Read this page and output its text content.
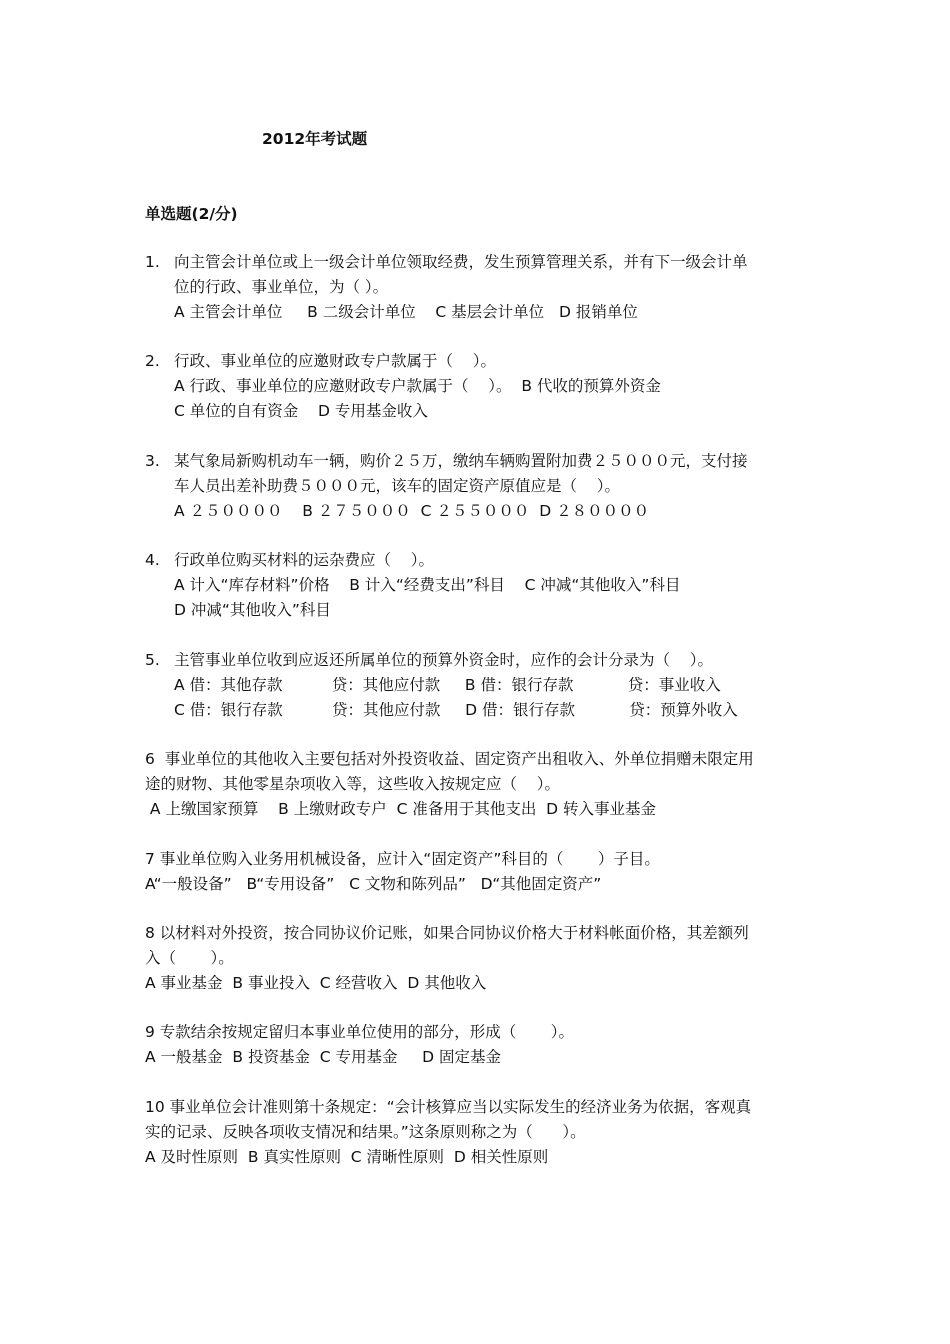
2012年考试题
单选题(2/分)
1. 向主管会计单位或上一级会计单位领取经费，发生预算管理关系，并有下一级会计单
位的行政、事业单位，为（ ）。
A 主管会计单位     B 二级会计单位    C 基层会计单位   D 报销单位
2. 行政、事业单位的应邀财政专户款属于（    ）。
A 行政、事业单位的应邀财政专户款属于（    ）。  B 代收的预算外资金
C 单位的自有资金    D 专用基金收入
3. 某气象局新购机动车一辆，购价２５万，缴纳车辆购置附加费２５０００元，支付接
车人员出差补助费５０００元，该车的固定资产原值应是（    ）。
A ２５００００    B ２７５０００  C ２５５０００  D ２８００００
4. 行政单位购买材料的运杂费应（    ）。
A 计入“库存材料”价格    B 计入“经费支出”科目    C 冲减“其他收入”科目
D 冲减“其他收入”科目
5. 主管事业单位收到应返还所属单位的预算外资金时，应作的会计分录为（    ）。
A 借：其他存款          贷：其他应付款     B 借：银行存款           贷：事业收入
C 借：银行存款          贷：其他应付款     D 借：银行存款           贷：预算外收入
6  事业单位的其他收入主要包括对外投资收益、固定资产出租收入、外单位捐赠未限定用
途的财物、其他零星杂项收入等，这些收入按规定应（    ）。
A 上缴国家预算    B 上缴财政专户  C 准备用于其他支出  D 转入事业基金
7 事业单位购入业务用机械设备，应计入“固定资产”科目的（       ）子目。
A“一般设备”   B“专用设备”   C 文物和陈列品”   D“其他固定资产”
8 以材料对外投资，按合同协议价记账，如果合同协议价格大于材料帐面价格，其差额列
入（       ）。
A 事业基金  B 事业投入  C 经营收入  D 其他收入
9 专款结余按规定留归本事业单位使用的部分，形成（       ）。
A 一般基金  B 投资基金  C 专用基金     D 固定基金
10 事业单位会计准则第十条规定：“会计核算应当以实际发生的经济业务为依据，客观真
实的记录、反映各项收支情况和结果。”这条原则称之为（      ）。
A 及时性原则  B 真实性原则  C 清晰性原则  D 相关性原则
